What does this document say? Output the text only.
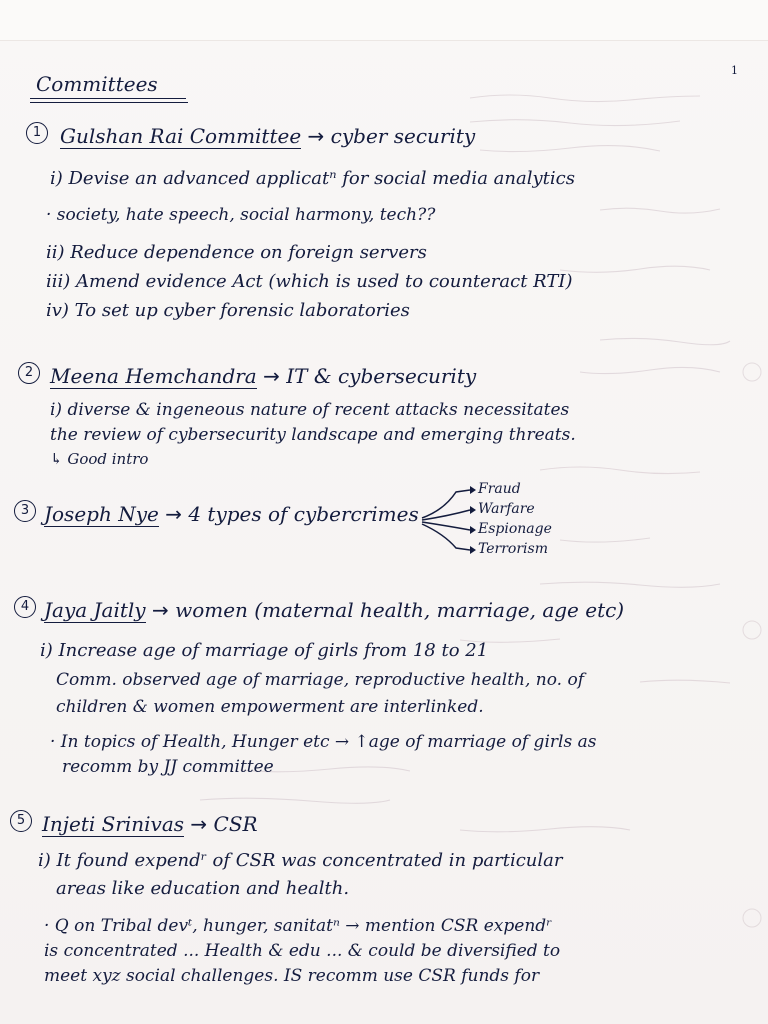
1
Committees
1 Gulshan Rai Committee → cyber security
i) Devise an advanced applicatⁿ for social media analytics
· society, hate speech, social harmony, tech??
ii) Reduce dependence on foreign servers
iii) Amend evidence Act (which is used to counteract RTI)
iv) To set up cyber forensic laboratories
2 Meena Hemchandra → IT & cybersecurity
i) diverse & ingeneous nature of recent attacks necessitates
the review of cybersecurity landscape and emerging threats.
↳ Good intro
3 Joseph Nye → 4 types of cybercrimes
Fraud
Warfare
Espionage
Terrorism
4 Jaya Jaitly → women (maternal health, marriage, age etc)
i) Increase age of marriage of girls from 18 to 21
Comm. observed age of marriage, reproductive health, no. of
children & women empowerment are interlinked.
· In topics of Health, Hunger etc → ↑age of marriage of girls as
recomm by JJ committee
5 Injeti Srinivas → CSR
i) It found expendʳ of CSR was concentrated in particular
areas like education and health.
· Q on Tribal devᵗ, hunger, sanitatⁿ → mention CSR expendʳ
is concentrated ... Health & edu ... & could be diversified to
meet xyz social challenges. IS recomm use CSR funds for
